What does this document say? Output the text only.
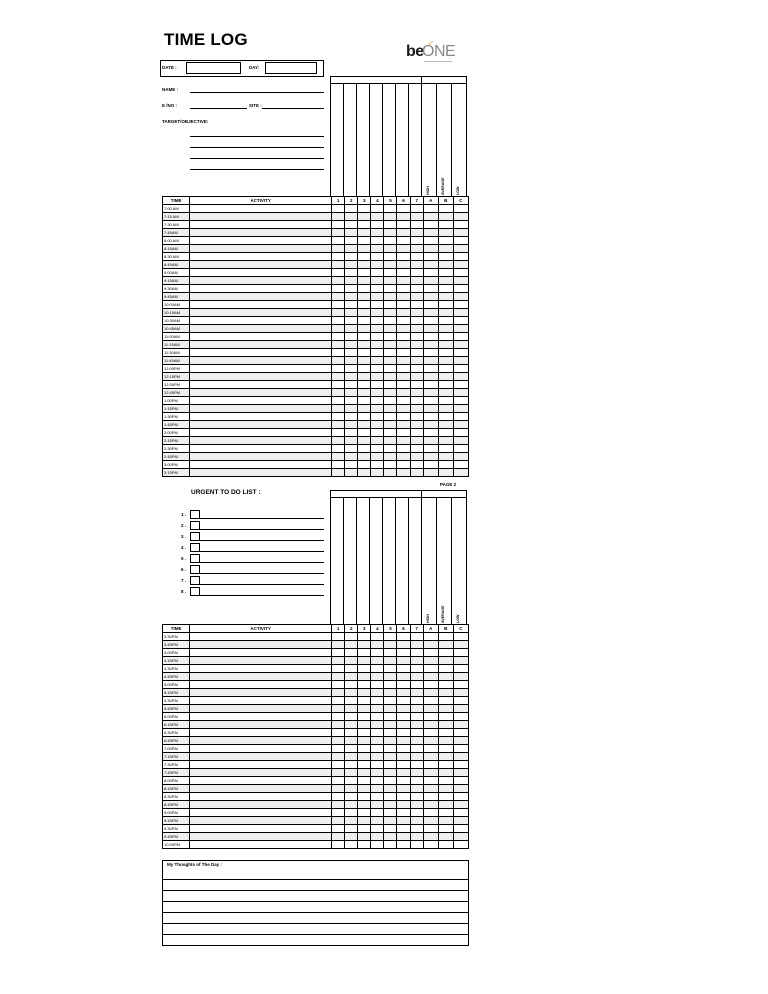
TIME LOG
be
ONE
DATE :	DAY:
NAME :
E /NO :	SITE :
TARGET/OBJECTIVE:
HIGH	AVERAGE	LOW
TIME	ACTIVITY	1	2	3	4	5	6	7	A	B	C
7:00 AM											
7:15 AM											
7:30 AM											
7:45AM											
8:00 AM											
8:15AM											
8:30 AM											
8:45AM											
9:00AM											
9:15AM											
9:30AM											
9:45AM											
10:00AM											
10:15AM											
10:30AM											
10:45AM											
11:00AM											
11:15AM											
11:30AM											
11:45AM											
12:00PM											
12:15PM											
12:30PM											
12:45PM											
1:00PM											
1:15PM											
1:30PM											
1:45PM											
2:00PM											
2:15PM											
2:30PM											
2:45PM											
3:00PM											
3:15PM											
PAGE 2
URGENT TO DO LIST :
1 .
2 .
3 .
4 .
5 .
6 .
7 .
8 .
HIGH	AVERAGE	LOW
TIME	ACTIVITY	1	2	3	4	5	6	7	A	B	C
3:30PM											
3:45PM											
4:00PM											
4:15PM											
4:30PM											
4:45PM											
5:00PM											
5:15PM											
5:30PM											
5:45PM											
6:00PM											
6:15PM											
6:30PM											
6:45PM											
7:00PM											
7:15PM											
7:30PM											
7:45PM											
8:00PM											
8:15PM											
8:30PM											
8:45PM											
9:00PM											
9:15PM											
9:30PM											
9:45PM											
10:00PM											
My Thoughts of The Day :
